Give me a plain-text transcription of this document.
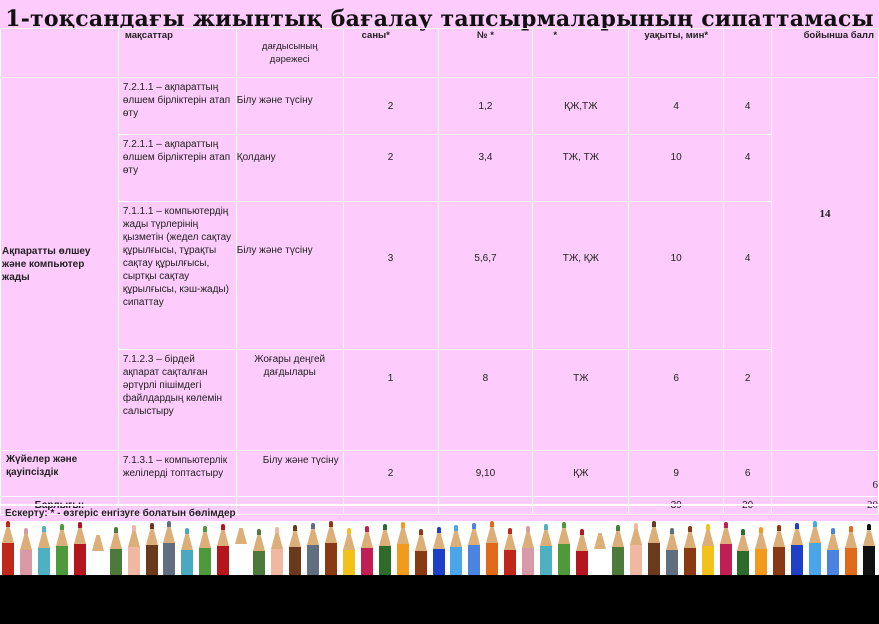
1-тоқсандағы жиынтық бағалау тапсырмаларының сипаттамасы
	мақсаттар	дағдысының
дәрежесі	саны*	№ *	*	уақыты, мин*		бойынша балл
Ақпаратты өлшеу және компьютер жады	7.2.1.1 – ақпараттың өлшем бірліктерін атап өту	Білу және түсіну	2	1,2	ҚЖ,ТЖ	4	4	14
	7.2.1.1 – ақпараттың өлшем бірліктерін атап өту	Қолдану	2	3,4	ТЖ, ТЖ	10	4	
	7.1.1.1 – компьютердің жады түрлерінің қызметін (жедел сақтау құрылғысы, тұрақты сақтау құрылғысы, сыртқы сақтау құрылғысы, кэш-жады) сипаттау	Білу және түсіну	3	5,6,7	ТЖ, ҚЖ	10	4	
	7.1.2.3 – бірдей ақпарат сақталған әртүрлі пішімдегі файлдардың көлемін салыстыру	Жоғары деңгей дағдылары	1	8	ТЖ	6	2	
Жүйелер және қауіпсіздік	7.1.3.1 – компьютерлік желілерді топтастыру	Білу және түсіну	2	9,10	ҚЖ	9	6	6
Барлығы:						39	20	20
Ескерту: * - өзгеріс енгізуге болатын бөлімдер
